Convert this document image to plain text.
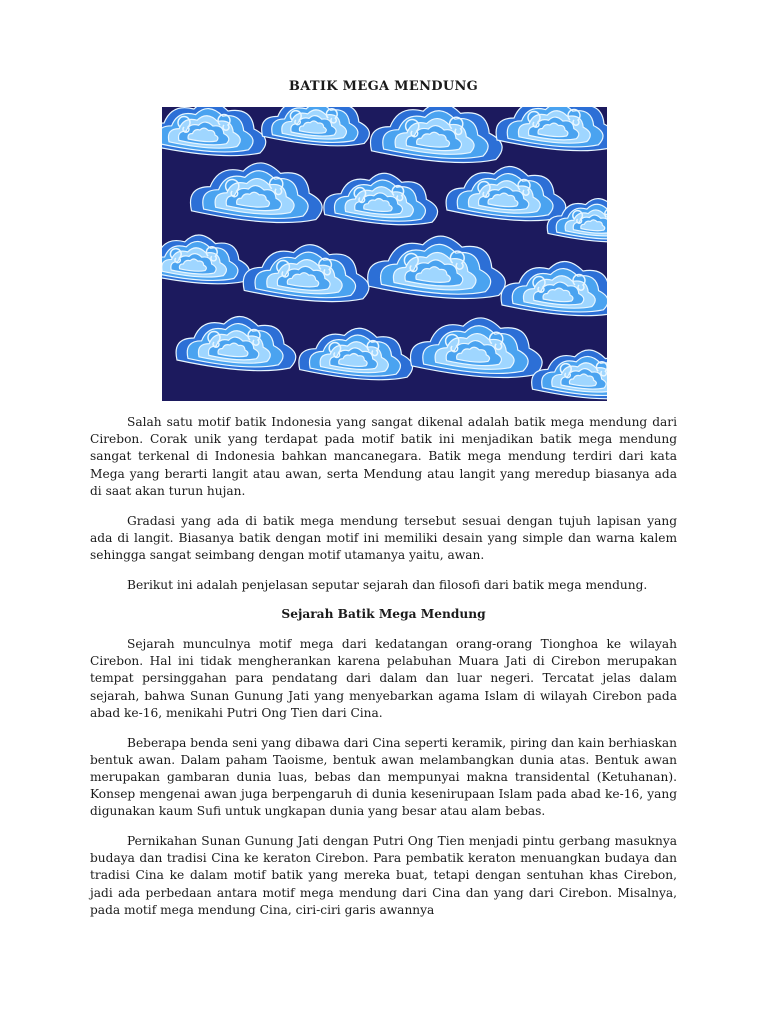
BATIK MEGA MENDUNG

Salah satu motif batik Indonesia yang sangat dikenal adalah batik mega mendung dari Cirebon. Corak unik yang terdapat pada motif batik ini menjadikan batik mega mendung sangat terkenal di Indonesia bahkan mancanegara. Batik mega mendung terdiri dari kata Mega yang berarti langit atau awan, serta Mendung atau langit yang meredup biasanya ada di saat akan turun hujan.

Gradasi yang ada di batik mega mendung tersebut sesuai dengan tujuh lapisan yang ada di langit. Biasanya batik dengan motif ini memiliki desain yang simple dan warna kalem sehingga sangat seimbang dengan motif utamanya yaitu, awan.

Berikut ini adalah penjelasan seputar sejarah dan filosofi dari batik mega mendung.

Sejarah Batik Mega Mendung

Sejarah munculnya motif mega dari kedatangan orang-orang Tionghoa ke wilayah Cirebon. Hal ini tidak mengherankan karena pelabuhan Muara Jati di Cirebon merupakan tempat persinggahan para pendatang dari dalam dan luar negeri. Tercatat jelas dalam sejarah, bahwa Sunan Gunung Jati yang menyebarkan agama Islam di wilayah Cirebon pada abad ke-16, menikahi Putri Ong Tien dari Cina.

Beberapa benda seni yang dibawa dari Cina seperti keramik, piring dan kain berhiaskan bentuk awan. Dalam paham Taoisme, bentuk awan melambangkan dunia atas. Bentuk awan merupakan gambaran dunia luas, bebas dan mempunyai makna transidental (Ketuhanan). Konsep mengenai awan juga berpengaruh di dunia kesenirupaan Islam pada abad ke-16, yang digunakan kaum Sufi untuk ungkapan dunia yang besar atau alam bebas.

Pernikahan Sunan Gunung Jati dengan Putri Ong Tien menjadi pintu gerbang masuknya budaya dan tradisi Cina ke keraton Cirebon. Para pembatik keraton menuangkan budaya dan tradisi Cina ke dalam motif batik yang mereka buat, tetapi dengan sentuhan khas Cirebon, jadi ada perbedaan antara motif mega mendung dari Cina dan yang dari Cirebon. Misalnya, pada motif mega mendung Cina, ciri-ciri garis awannya
